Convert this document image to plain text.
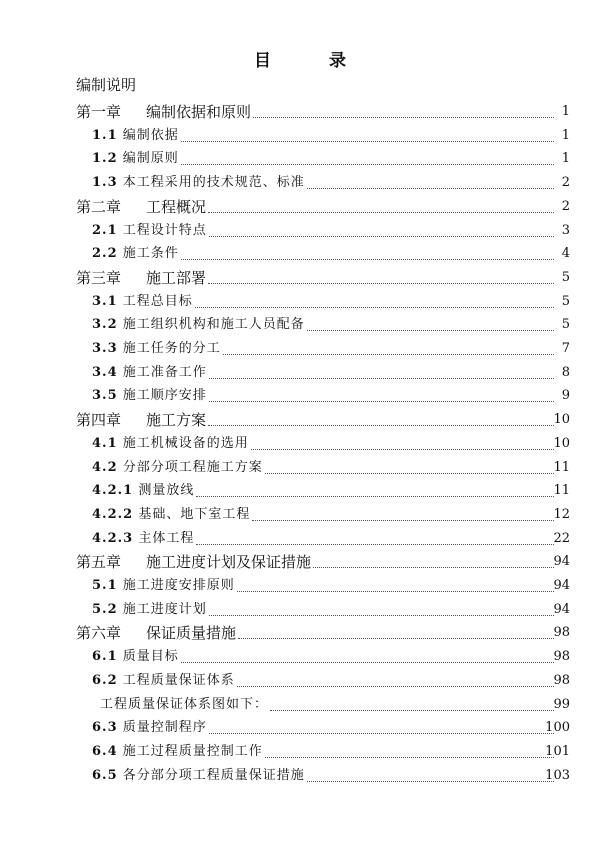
目 录
编制说明
第一章 编制依据和原则	1
1.1 编制依据	1
1.2 编制原则	1
1.3 本工程采用的技术规范、标准	2
第二章 工程概况	2
2.1 工程设计特点	3
2.2 施工条件	4
第三章 施工部署	5
3.1 工程总目标	5
3.2 施工组织机构和施工人员配备	5
3.3 施工任务的分工	7
3.4 施工准备工作	8
3.5 施工顺序安排	9
第四章 施工方案	10
4.1 施工机械设备的选用	10
4.2 分部分项工程施工方案	11
4.2.1 测量放线	11
4.2.2 基础、地下室工程	12
4.2.3 主体工程	22
第五章 施工进度计划及保证措施	94
5.1 施工进度安排原则	94
5.2 施工进度计划	94
第六章 保证质量措施	98
6.1 质量目标	98
6.2 工程质量保证体系	98
工程质量保证体系图如下：	99
6.3 质量控制程序	100
6.4 施工过程质量控制工作	101
6.5 各分部分项工程质量保证措施	103
